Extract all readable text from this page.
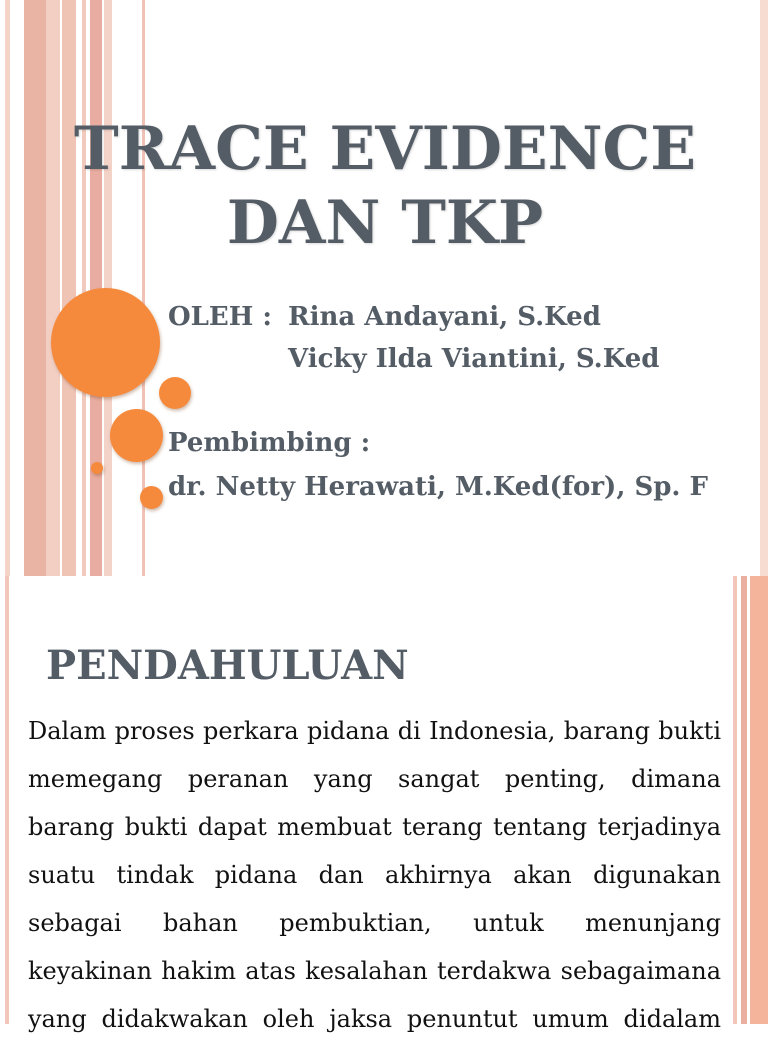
TRACE EVIDENCE
DAN TKP
OLEH : Rina Andayani, S.Ked
Vicky Ilda Viantini, S.Ked
Pembimbing :
dr. Netty Herawati, M.Ked(for), Sp. F
PENDAHULUAN
Dalam proses perkara pidana di Indonesia, barang bukti
memegang peranan yang sangat penting, dimana
barang bukti dapat membuat terang tentang terjadinya
suatu tindak pidana dan akhirnya akan digunakan
sebagai bahan pembuktian, untuk menunjang
keyakinan hakim atas kesalahan terdakwa sebagaimana
yang didakwakan oleh jaksa penuntut umum didalam
